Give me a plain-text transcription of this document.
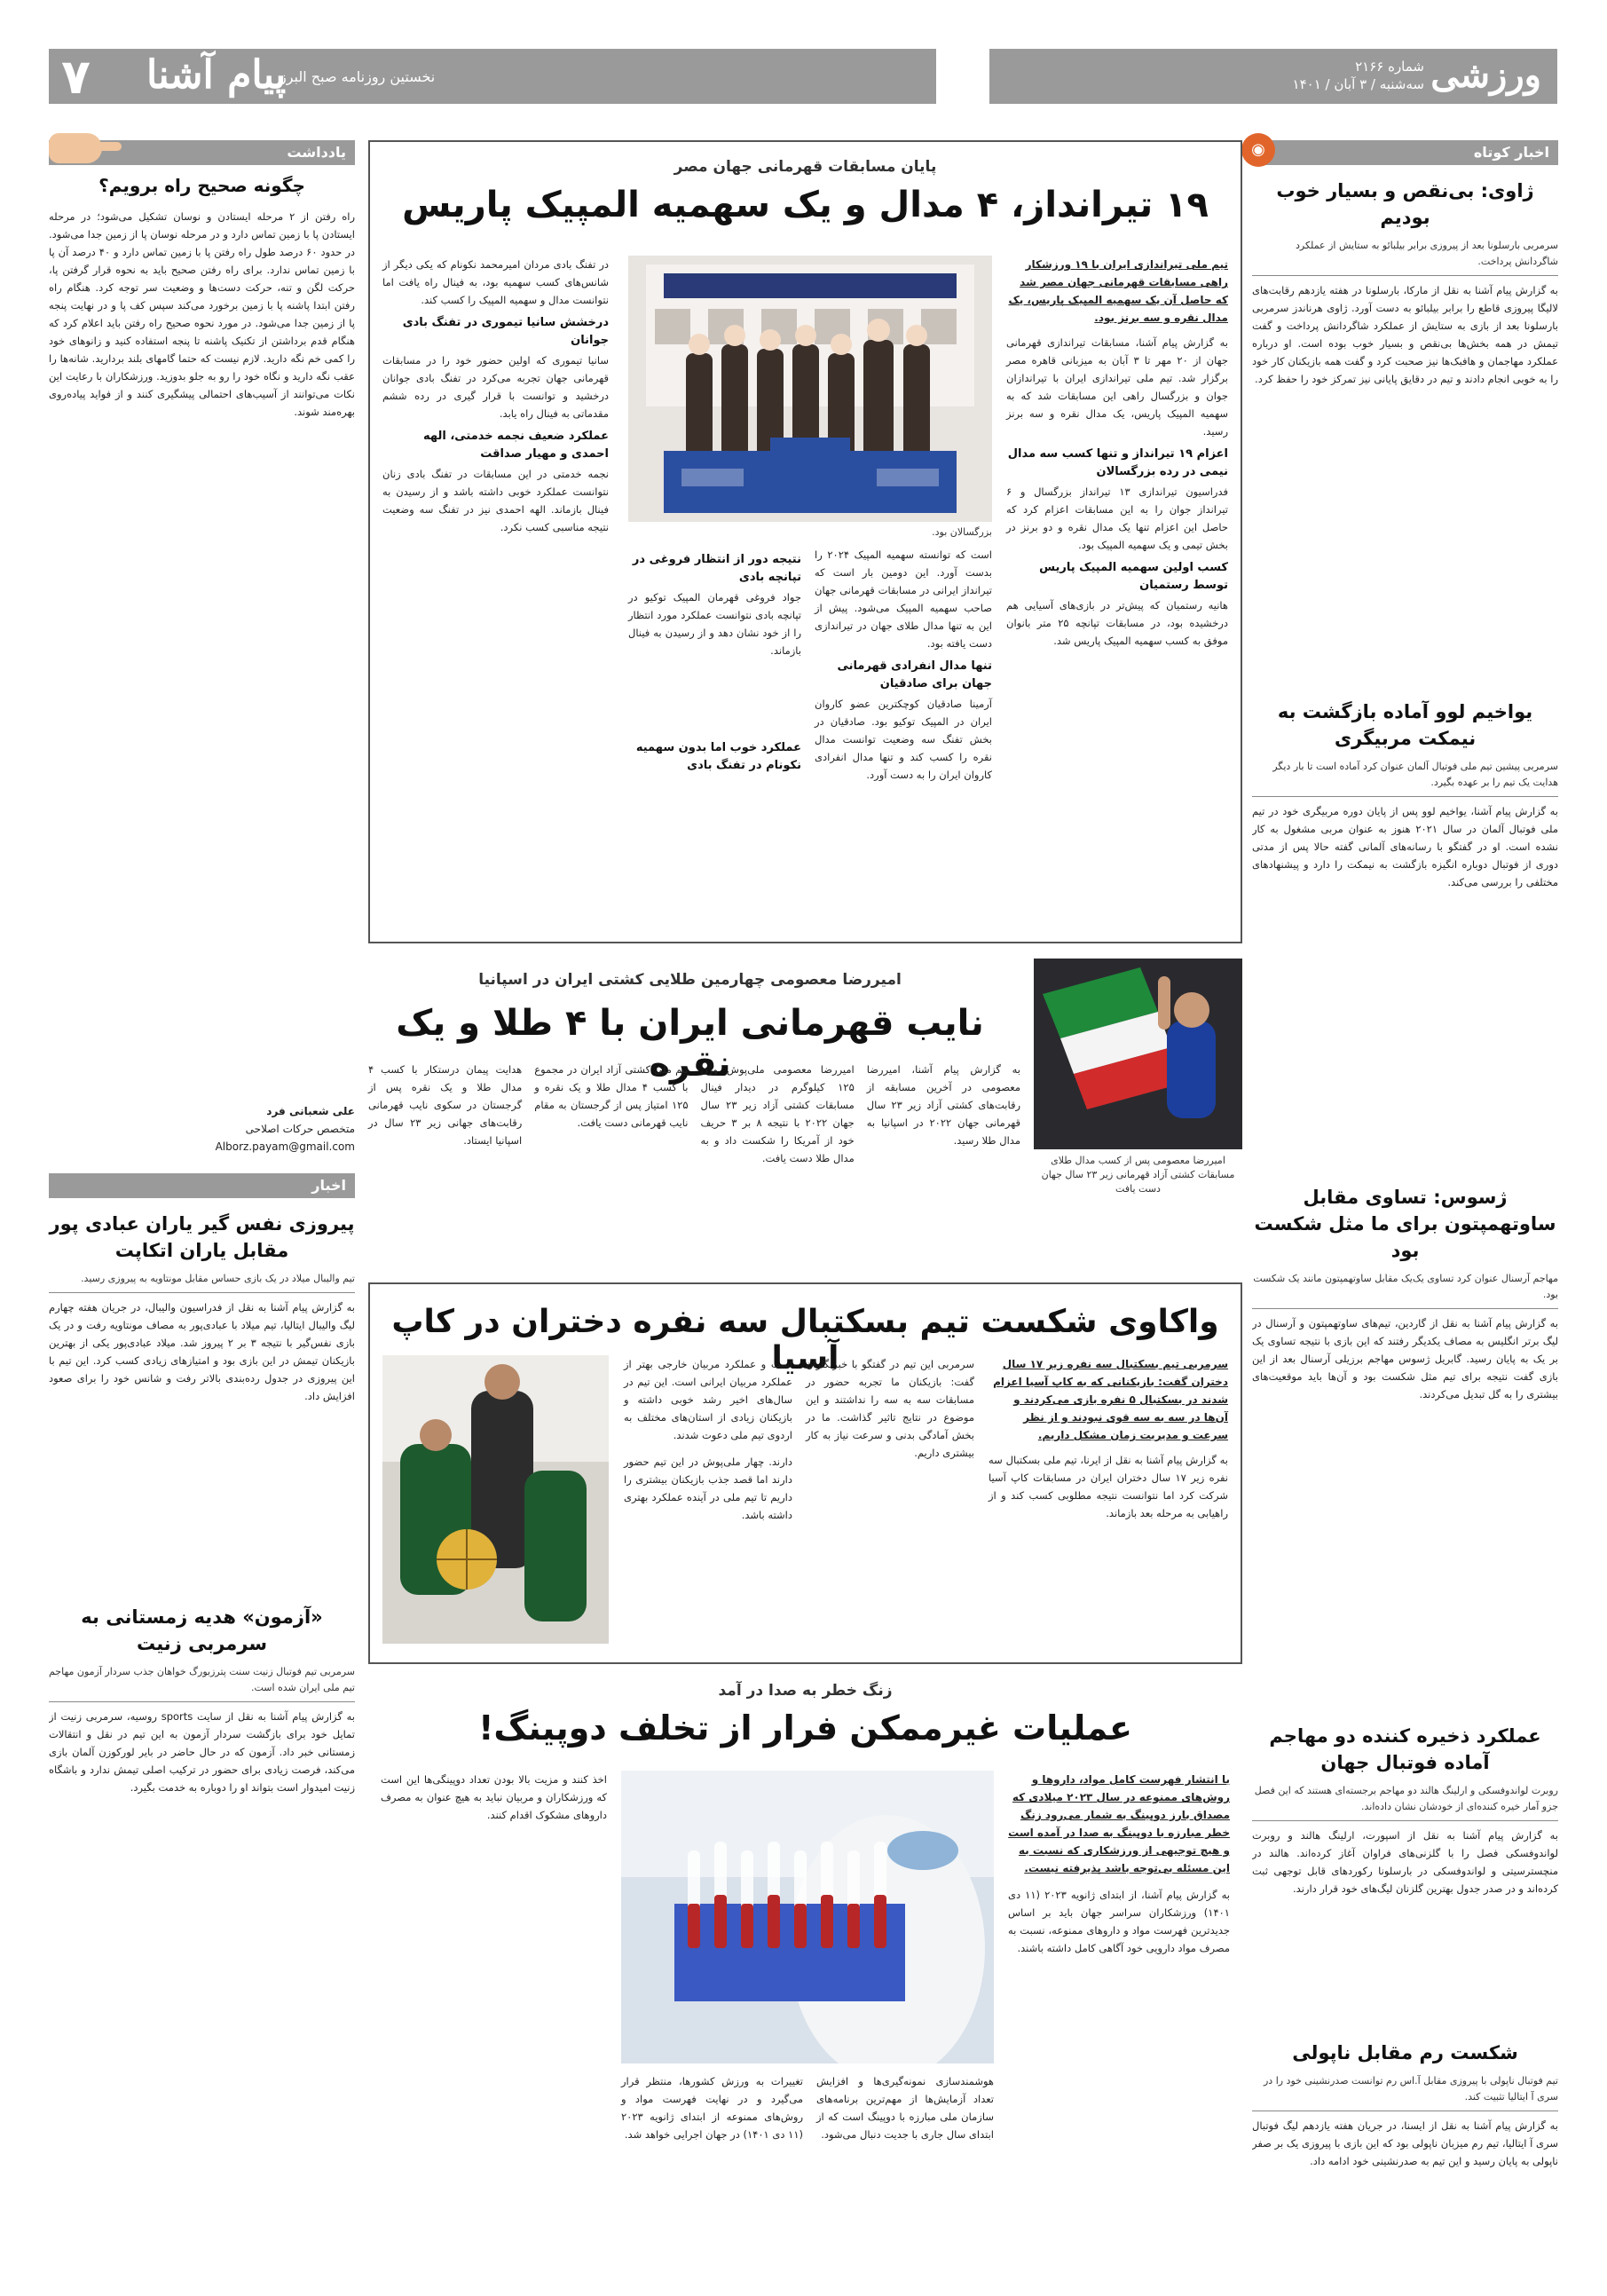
ورزشی
شماره ۲۱۶۶
سه‌شنبه / ۳ آبان / ۱۴۰۱
۷ پیام آشنا
نخستین روزنامه صبح البرز
اخبار کوتاه
◉
ژاوی: بی‌نقص و بسیار خوب بودیم
سرمربی بارسلونا بعد از پیروزی برابر بیلبائو به ستایش از عملکرد شاگردانش پرداخت.
به گزارش پیام آشنا به نقل از مارکا، بارسلونا در هفته یازدهم رقابت‌های لالیگا پیروزی قاطع را برابر بیلبائو به دست آورد. ژاوی هرناندز سرمربی بارسلونا بعد از بازی به ستایش از عملکرد شاگردانش پرداخت و گفت تیمش در همه بخش‌ها بی‌نقص و بسیار خوب بوده است. او درباره عملکرد مهاجمان و هافبک‌ها نیز صحبت کرد و گفت همه بازیکنان کار خود را به خوبی انجام دادند و تیم در دقایق پایانی نیز تمرکز خود را حفظ کرد.
یواخیم لوو آماده بازگشت به نیمکت مربیگری
سرمربی پیشین تیم ملی فوتبال آلمان عنوان کرد آماده است تا بار دیگر هدایت یک تیم را بر عهده بگیرد.
به گزارش پیام آشنا، یواخیم لوو پس از پایان دوره مربیگری خود در تیم ملی فوتبال آلمان در سال ۲۰۲۱ هنوز به عنوان مربی مشغول به کار نشده است. او در گفتگو با رسانه‌های آلمانی گفته حالا پس از مدتی دوری از فوتبال دوباره انگیزه بازگشت به نیمکت را دارد و پیشنهادهای مختلفی را بررسی می‌کند.
ژسوس: تساوی مقابل ساوتهمپتون برای ما مثل شکست بود
مهاجم آرسنال عنوان کرد تساوی یک‌یک مقابل ساوتهمپتون مانند یک شکست بود.
به گزارش پیام آشنا به نقل از گاردین، تیم‌های ساوتهمپتون و آرسنال در لیگ برتر انگلیس به مصاف یکدیگر رفتند که این بازی با نتیجه تساوی یک بر یک به پایان رسید. گابریل ژسوس مهاجم برزیلی آرسنال بعد از این بازی گفت نتیجه برای تیم مثل شکست بود و آن‌ها باید موقعیت‌های بیشتری را به گل تبدیل می‌کردند.
عملکرد ذخیره کننده دو مهاجم آماده فوتبال جهان
روبرت لواندوفسکی و ارلینگ هالند دو مهاجم برجسته‌ای هستند که این فصل جزو آمار خیره کننده‌ای از خودشان نشان داده‌اند.
به گزارش پیام آشنا به نقل از اسپورت، ارلینگ هالند و روبرت لواندوفسکی فصل را با گلزنی‌های فراوان آغاز کرده‌اند. هالند در منچسترسیتی و لواندوفسکی در بارسلونا رکوردهای قابل توجهی ثبت کرده‌اند و در صدر جدول بهترین گلزنان لیگ‌های خود قرار دارند.
شکست رم مقابل ناپولی
تیم فوتبال ناپولی با پیروزی مقابل آ.اس رم توانست صدرنشینی خود را در سری آ ایتالیا تثبیت کند.
به گزارش پیام آشنا به نقل از ایسنا، در جریان هفته یازدهم لیگ فوتبال سری آ ایتالیا، تیم رم میزبان ناپولی بود که این بازی با پیروزی یک بر صفر ناپولی به پایان رسید و این تیم به صدرنشینی خود ادامه داد.
یادداشت
چگونه صحیح راه برویم؟
راه رفتن از ۲ مرحله ایستادن و نوسان تشکیل می‌شود؛ در مرحله ایستادن پا با زمین تماس دارد و در مرحله نوسان پا از زمین جدا می‌شود. در حدود ۶۰ درصد طول راه رفتن پا با زمین تماس دارد و ۴۰ درصد آن پا با زمین تماس ندارد. برای راه رفتن صحیح باید به نحوه قرار گرفتن پا، حرکت لگن و تنه، حرکت دست‌ها و وضعیت سر توجه کرد. هنگام راه رفتن ابتدا پاشنه پا با زمین برخورد می‌کند سپس کف پا و در نهایت پنجه پا از زمین جدا می‌شود. در مورد نحوه صحیح راه رفتن باید اعلام کرد که هنگام قدم برداشتن از تکنیک پاشنه تا پنجه استفاده کنید و زانوهای خود را کمی خم نگه دارید. لازم نیست که حتما گامهای بلند بردارید. شانه‌ها را عقب نگه دارید و نگاه خود را رو به جلو بدوزید. ورزشکاران با رعایت این نکات می‌توانند از آسیب‌های احتمالی پیشگیری کنند و از فواید پیاده‌روی بهره‌مند شوند.
علی شعبانی فرد
متخصص حرکات اصلاحی
Alborz.payam@gmail.com
اخبار
پیروزی نفس گیر یاران عبادی پور مقابل یاران اتکاپت
تیم والیبال میلاد در یک بازی حساس مقابل مونتاویه به پیروزی رسید.
به گزارش پیام آشنا به نقل از فدراسیون والیبال، در جریان هفته چهارم لیگ والیبال ایتالیا، تیم میلاد با عبادی‌پور به مصاف مونتاویه رفت و در یک بازی نفس‌گیر با نتیجه ۳ بر ۲ پیروز شد. میلاد عبادی‌پور یکی از بهترین بازیکنان تیمش در این بازی بود و امتیازهای زیادی کسب کرد. این تیم با این پیروزی در جدول رده‌بندی بالاتر رفت و شانس خود را برای صعود افزایش داد.
«آزمون» هدیه زمستانی به سرمربی زنیت
سرمربی تیم فوتبال زنیت سنت پترزبورگ خواهان جذب سردار آزمون مهاجم تیم ملی ایران شده است.
به گزارش پیام آشنا به نقل از سایت sports روسیه، سرمربی زنیت از تمایل خود برای بازگشت سردار آزمون به این تیم در نقل و انتقالات زمستانی خبر داد. آزمون که در حال حاضر در بایر لورکوزن آلمان بازی می‌کند، فرصت زیادی برای حضور در ترکیب اصلی تیمش ندارد و باشگاه زنیت امیدوار است بتواند او را دوباره به خدمت بگیرد.
پایان مسابقات قهرمانی جهان مصر
۱۹ تیرانداز، ۴ مدال و یک سهمیه المپیک پاریس
تیم ملی تیراندازی ایران با ۱۹ ورزشکار راهی مسابقات قهرمانی جهان مصر شد که حاصل آن یک سهمیه المپیک پاریس، یک مدال نقره و سه برنز بود.
به گزارش پیام آشنا، مسابقات تیراندازی قهرمانی جهان از ۲۰ مهر تا ۳ آبان به میزبانی قاهره مصر برگزار شد. تیم ملی تیراندازی ایران با تیراندازان جوان و بزرگسال راهی این مسابقات شد که به سهمیه المپیک پاریس، یک مدال نقره و سه برنز رسید.
اعزام ۱۹ تیرانداز و تنها کسب سه مدال نیمی در رده بزرگسالان
فدراسیون تیراندازی ۱۳ تیرانداز بزرگسال و ۶ تیرانداز جوان را به این مسابقات اعزام کرد که حاصل این اعزام تنها یک مدال نقره و دو برنز در بخش تیمی و یک سهمیه المپیک بود.
کسب اولین سهمیه المپیک پاریس توسط رستمیان
هانیه رستمیان که پیش‌تر در بازی‌های آسیایی هم درخشیده بود، در مسابقات تپانچه ۲۵ متر بانوان موفق به کسب سهمیه المپیک پاریس شد.
بزرگسالان بود.
است که توانسته سهمیه المپیک ۲۰۲۴ را بدست آورد. این دومین بار است که تیرانداز ایرانی در مسابقات قهرمانی جهان صاحب سهمیه المپیک می‌شود. پیش از این به تنها مدال طلای جهان در تیراندازی دست یافته بود.
تنها مدال انفرادی قهرمانی جهان برای صادقیان
آرمینا صادقیان کوچکترین عضو کاروان ایران در المپیک توکیو بود. صادقیان در بخش تفنگ سه وضعیت توانست مدال نقره را کسب کند و تنها مدال انفرادی کاروان ایران را به دست آورد.
نتیجه دور از انتظار فروغی در تپانچه بادی
جواد فروغی قهرمان المپیک توکیو در تپانچه بادی نتوانست عملکرد مورد انتظار را از خود نشان دهد و از رسیدن به فینال بازماند.
عملکرد خوب اما بدون سهمیه نکونام در تفنگ بادی
در تفنگ بادی مردان امیرمحمد نکونام که یکی دیگر از شانس‌های کسب سهمیه بود، به فینال راه یافت اما نتوانست مدال و سهمیه المپیک را کسب کند.
درخشش سانیا تیموری در تفنگ بادی جوانان
سانیا تیموری که اولین حضور خود را در مسابقات قهرمانی جهان تجربه می‌کرد در تفنگ بادی جوانان درخشید و توانست با قرار گیری در رده ششم مقدماتی به فینال راه یابد.
عملکرد ضعیف نجمه خدمتی، الهه احمدی و مهیار صداقت
نجمه خدمتی در این مسابقات در تفنگ بادی زنان نتوانست عملکرد خوبی داشته باشد و از رسیدن به فینال بازماند. الهه احمدی نیز در تفنگ سه وضعیت نتیجه مناسبی کسب نکرد.
امیررضا معصومی چهارمین طلایی کشتی ایران در اسپانیا
نایب قهرمانی ایران با ۴ طلا و یک نقره
امیررضا معصومی پس از کسب مدال طلای مسابقات کشتی آزاد قهرمانی زیر ۲۳ سال جهان دست یافت
به گزارش پیام آشنا، امیررضا معصومی در آخرین مسابقه از رقابت‌های کشتی آزاد زیر ۲۳ سال قهرمانی جهان ۲۰۲۲ در اسپانیا به مدال طلا رسید.
امیررضا معصومی ملی‌پوش وزن ۱۲۵ کیلوگرم در دیدار فینال مسابقات کشتی آزاد زیر ۲۳ سال جهان ۲۰۲۲ با نتیجه ۸ بر ۳ حریف خود از آمریکا را شکست داد و به مدال طلا دست یافت.
تیم ملی کشتی آزاد ایران در مجموع با کسب ۴ مدال طلا و یک نقره و ۱۲۵ امتیاز پس از گرجستان به مقام نایب قهرمانی دست یافت.
هدایت پیمان درستکار با کسب ۴ مدال طلا و یک نقره پس از گرجستان در سکوی نایب قهرمانی رقابت‌های جهانی زیر ۲۳ سال در اسپانیا ایستاد.
واکاوی شکست تیم بسکتبال سه نفره دختران در کاپ آسیا	سرمربی تیم بسکتبال سه نفره زیر ۱۷ سال دختران گفت: بازیکنانی که به کاپ آسیا اعزام شدند در بسکتبال ۵ نفره بازی می‌کردند و آن‌ها در سه به سه قوی نبودند و از نظر سرعت و مدیریت زمان مشکل داریم.
به گزارش پیام آشنا به نقل از ایرنا، تیم ملی بسکتبال سه نفره زیر ۱۷ سال دختران ایران در مسابقات کاپ آسیا شرکت کرد اما نتوانست نتیجه مطلوبی کسب کند و از راهیابی به مرحله بعد بازماند.
سرمربی این تیم در گفتگو با خبرنگاران گفت: بازیکنان ما تجربه حضور در مسابقات سه به سه را نداشتند و این موضوع در نتایج تاثیر گذاشت. ما در بخش آمادگی بدنی و سرعت نیاز به کار بیشتری داریم.
است و عملکرد مربیان خارجی بهتر از عملکرد مربیان ایرانی است. این تیم در سال‌های اخیر رشد خوبی داشته و بازیکنان زیادی از استان‌های مختلف به اردوی تیم ملی دعوت شدند.
دارند. چهار ملی‌پوش در این تیم حضور دارند اما قصد جذب بازیکنان بیشتری را داریم تا تیم ملی در آینده عملکرد بهتری داشته باشد.
زنگ خطر به صدا در آمد
عملیات غیرممکن فرار از تخلف دوپینگ!
با انتشار فهرست کامل مواد، داروها و روش‌های ممنوعه در سال ۲۰۲۳ میلادی که مصداق بارز دوپینگ به شمار می‌رود زنگ خطر مبارزه با دوپینگ به صدا در آمده است و هیچ توجیهی از ورزشکاری که نسبت به این مسئله بی‌توجه باشد پذیرفته نیست.
به گزارش پیام آشنا، از ابتدای ژانویه ۲۰۲۳ (۱۱ دی ۱۴۰۱) ورزشکاران سراسر جهان باید بر اساس جدیدترین فهرست مواد و داروهای ممنوعه، نسبت به مصرف مواد دارویی خود آگاهی کامل داشته باشند.
هوشمندسازی نمونه‌گیری‌ها و افزایش تعداد آزمایش‌ها از مهم‌ترین برنامه‌های سازمان ملی مبارزه با دوپینگ است که از ابتدای سال جاری با جدیت دنبال می‌شود.
تغییرات به ورزش کشورها، منتظر قرار می‌گیرد و در نهایت فهرست مواد و روش‌های ممنوعه از ابتدای ژانویه ۲۰۲۳ (۱۱ دی ۱۴۰۱) در جهان اجرایی خواهد شد.
اخذ کنند و مزیت بالا بودن تعداد دوپینگی‌ها این است که ورزشکاران و مربیان نباید به هیچ عنوان به مصرف داروهای مشکوک اقدام کنند.
